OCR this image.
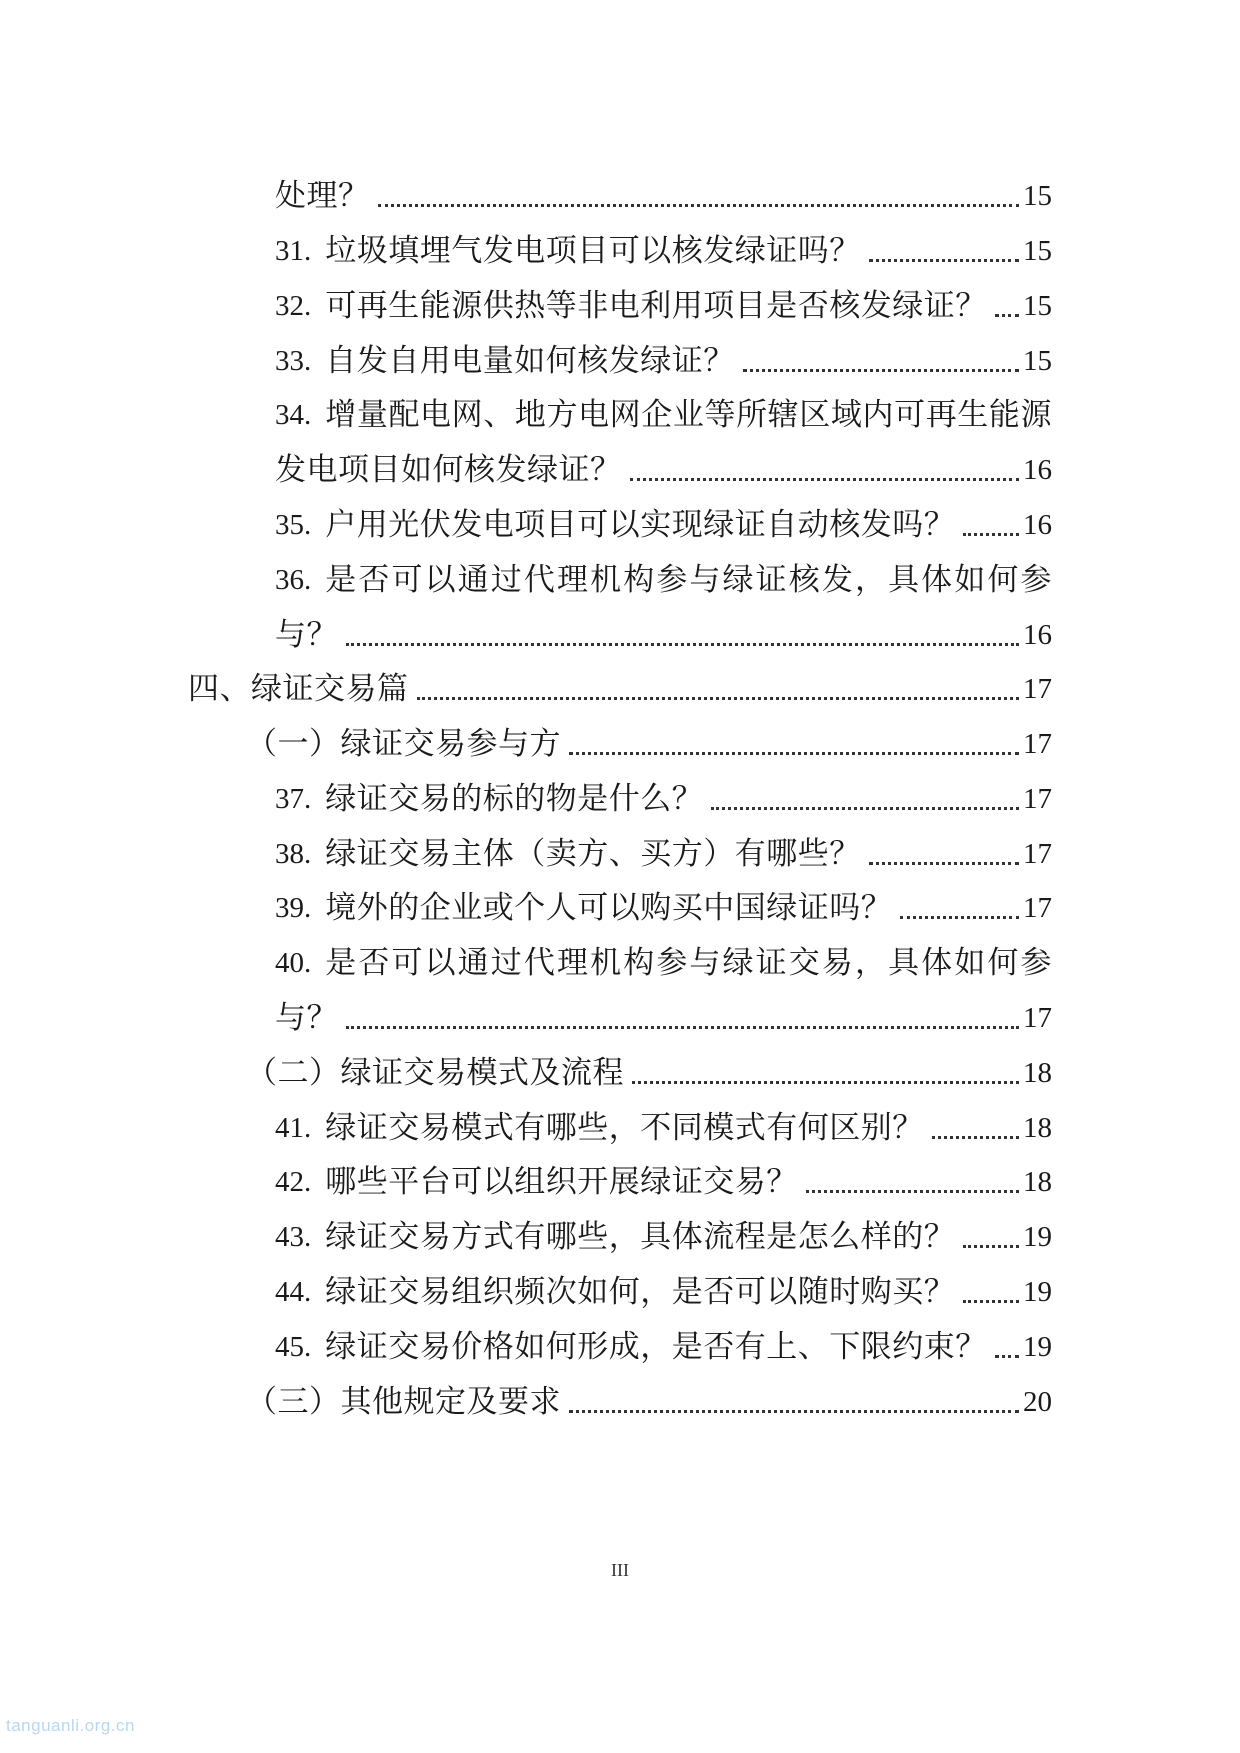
处理？	15
31. 垃圾填埋气发电项目可以核发绿证吗？	15
32. 可再生能源供热等非电利用项目是否核发绿证？ 15
33. 自发自用电量如何核发绿证？	15
34. 增量配电网、地方电网企业等所辖区域内可再生能源
发电项目如何核发绿证？	16
35. 户用光伏发电项目可以实现绿证自动核发吗？ 16
36. 是否可以通过代理机构参与绿证核发，具体如何参
与？	16
四、绿证交易篇	17
（一）绿证交易参与方	17
37. 绿证交易的标的物是什么？	17
38. 绿证交易主体（卖方、买方）有哪些？	17
39. 境外的企业或个人可以购买中国绿证吗？	17
40. 是否可以通过代理机构参与绿证交易，具体如何参
与？	17
（二）绿证交易模式及流程	18
41. 绿证交易模式有哪些，不同模式有何区别？	18
42. 哪些平台可以组织开展绿证交易？	18
43. 绿证交易方式有哪些，具体流程是怎么样的？ 19
44. 绿证交易组织频次如何，是否可以随时购买？ 19
45. 绿证交易价格如何形成，是否有上、下限约束？ 19
（三）其他规定及要求	20
III
tanguanli.org.cn
